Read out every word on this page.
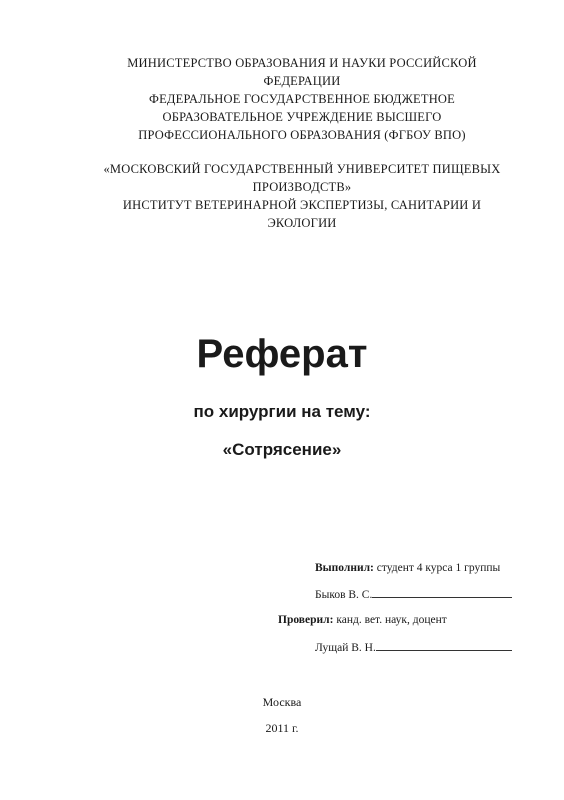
МИНИСТЕРСТВО ОБРАЗОВАНИЯ И НАУКИ РОССИЙСКОЙ
ФЕДЕРАЦИИ
ФЕДЕРАЛЬНОЕ ГОСУДАРСТВЕННОЕ БЮДЖЕТНОЕ
ОБРАЗОВАТЕЛЬНОЕ УЧРЕЖДЕНИЕ ВЫСШЕГО
ПРОФЕССИОНАЛЬНОГО ОБРАЗОВАНИЯ (ФГБОУ ВПО)
«МОСКОВСКИЙ ГОСУДАРСТВЕННЫЙ УНИВЕРСИТЕТ ПИЩЕВЫХ
ПРОИЗВОДСТВ»
ИНСТИТУТ ВЕТЕРИНАРНОЙ ЭКСПЕРТИЗЫ, САНИТАРИИ И
ЭКОЛОГИИ
Реферат
по хирургии на тему:
«Сотрясение»
Выполнил: студент 4 курса 1 группы
Быков В. С.
Проверил: канд. вет. наук, доцент
Лущай В. Н.
Москва
2011 г.
